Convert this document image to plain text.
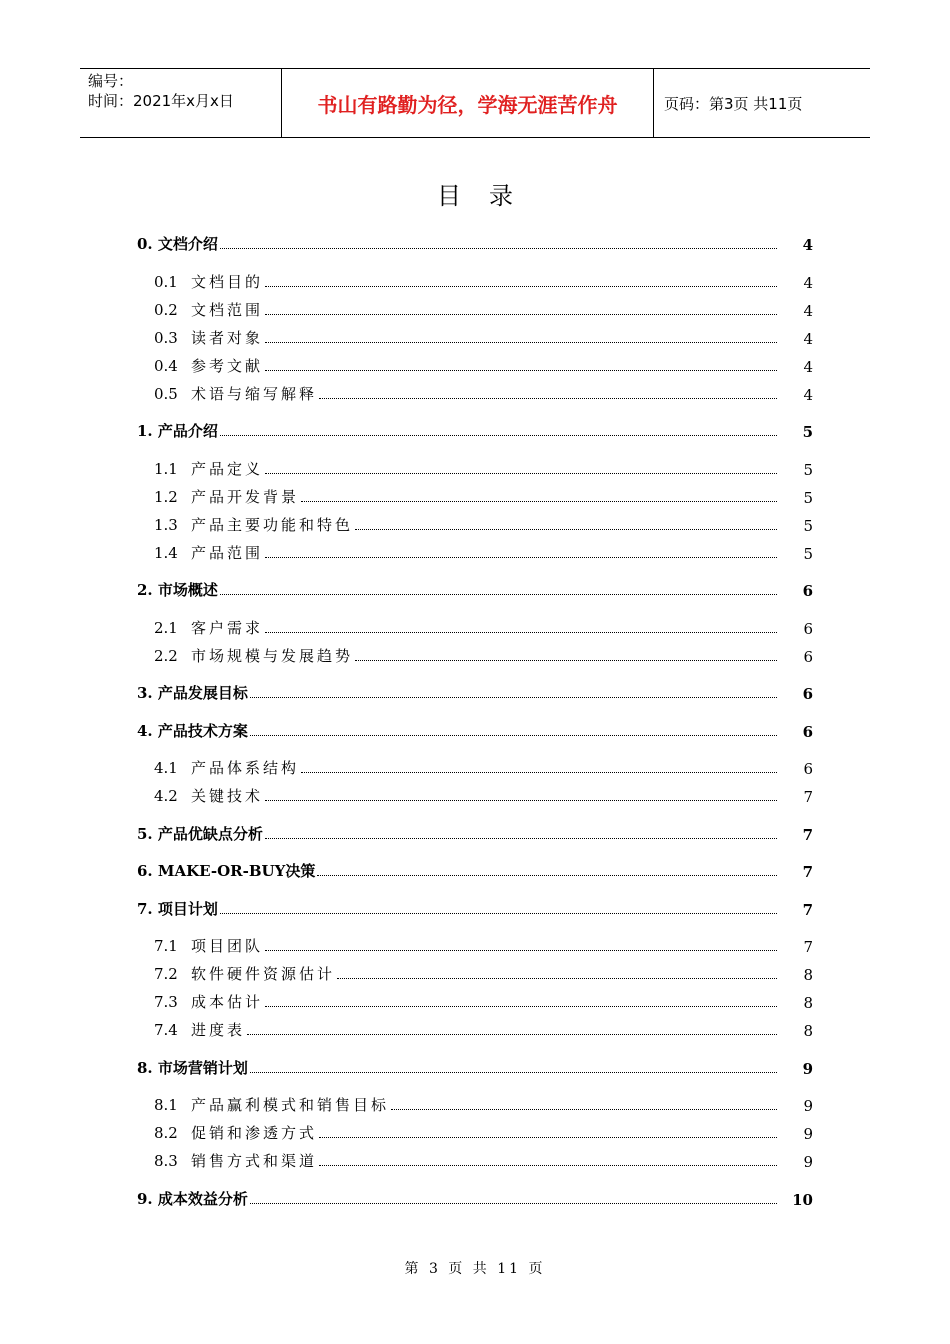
编号：
时间：2021年x月x日	书山有路勤为径，学海无涯苦作舟	页码：第3页 共11页
目录
0. 文档介绍	4
0.1 文档目的	4
0.2 文档范围	4
0.3 读者对象	4
0.4 参考文献	4
0.5 术语与缩写解释	4
1. 产品介绍	5
1.1 产品定义	5
1.2 产品开发背景	5
1.3 产品主要功能和特色	5
1.4 产品范围	5
2. 市场概述	6
2.1 客户需求	6
2.2 市场规模与发展趋势	6
3. 产品发展目标	6
4. 产品技术方案	6
4.1 产品体系结构	6
4.2 关键技术	7
5. 产品优缺点分析	7
6. MAKE-OR-BUY决策	7
7. 项目计划	7
7.1 项目团队	7
7.2 软件硬件资源估计	8
7.3 成本估计	8
7.4 进度表	8
8. 市场营销计划	9
8.1 产品赢利模式和销售目标	9
8.2 促销和渗透方式	9
8.3 销售方式和渠道	9
9. 成本效益分析	10
第 3 页 共 11 页
